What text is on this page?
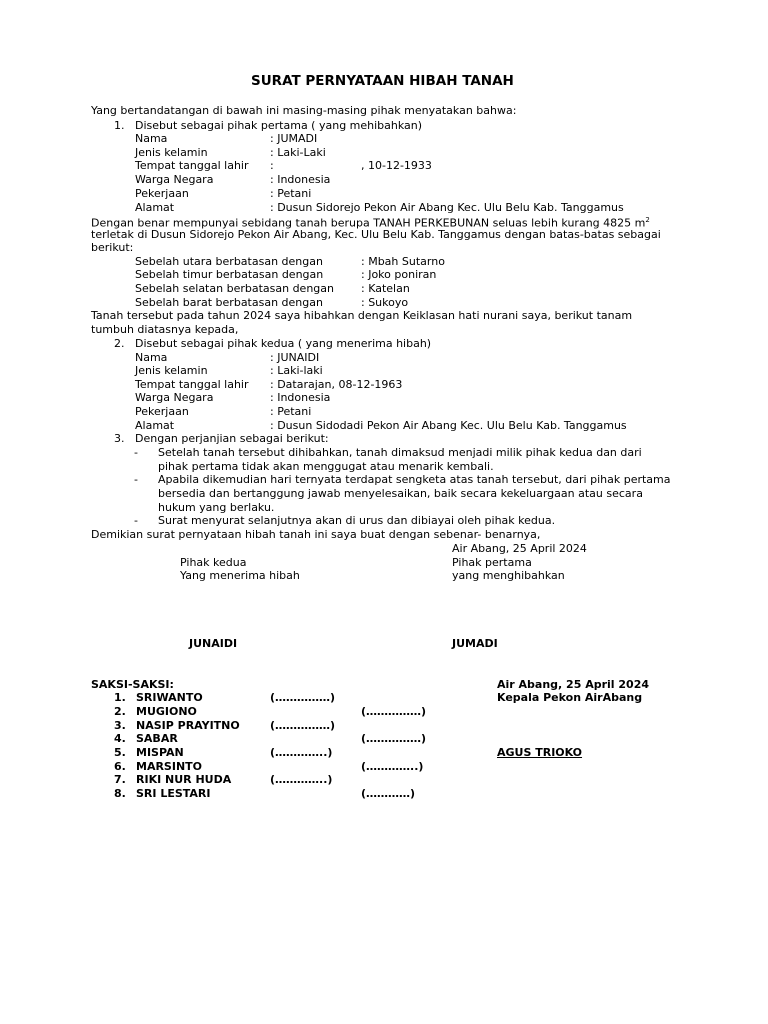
SURAT PERNYATAAN HIBAH TANAH
Yang bertandatangan di bawah ini masing-masing pihak menyatakan bahwa:
1. Disebut sebagai pihak pertama ( yang mehibahkan)
Nama	: JUMADI
Jenis kelamin	: Laki-Laki
Tempat tanggal lahir :	, 10-12-1933
Warga Negara	: Indonesia
Pekerjaan	: Petani
Alamat	: Dusun Sidorejo Pekon Air Abang Kec. Ulu Belu Kab. Tanggamus
Dengan benar mempunyai sebidang tanah berupa TANAH PERKEBUNAN seluas lebih kurang 4825 $m^2$
terletak di Dusun Sidorejo Pekon Air Abang, Kec. Ulu Belu Kab. Tanggamus dengan batas-batas sebagai
berikut:
Sebelah utara berbatasan dengan	: Mbah Sutarno
Sebelah timur berbatasan dengan	: Joko poniran
Sebelah selatan berbatasan dengan : Katelan
Sebelah barat berbatasan dengan	: Sukoyo
Tanah tersebut pada tahun 2024 saya hibahkan dengan Keiklasan hati nurani saya, berikut tanam
tumbuh diatasnya kepada,
2. Disebut sebagai pihak kedua ( yang menerima hibah)
Nama	: JUNAIDI
Jenis kelamin	: Laki-laki
Tempat tanggal lahir : Datarajan, 08-12-1963
Warga Negara	: Indonesia
Pekerjaan	: Petani
Alamat	: Dusun Sidodadi Pekon Air Abang Kec. Ulu Belu Kab. Tanggamus
3. Dengan perjanjian sebagai berikut:
- Setelah tanah tersebut dihibahkan, tanah dimaksud menjadi milik pihak kedua dan dari
pihak pertama tidak akan menggugat atau menarik kembali.
- Apabila dikemudian hari ternyata terdapat sengketa atas tanah tersebut, dari pihak pertama
bersedia dan bertanggung jawab menyelesaikan, baik secara kekeluargaan atau secara
hukum yang berlaku.
- Surat menyurat selanjutnya akan di urus dan dibiayai oleh pihak kedua.
Demikian surat pernyataan hibah tanah ini saya buat dengan sebenar- benarnya,
Air Abang, 25 April 2024
Pihak kedua	Pihak pertama
Yang menerima hibah	yang menghibahkan
JUNAIDI	JUMADI
SAKSI-SAKSI:
1. SRIWANTO	(……………)
2. MUGIONO	(……………)
3. NASIP PRAYITNO	(……………)
4. SABAR	(……………)
5. MISPAN	(…………..)
6. MARSINTO	(…………..)
7. RIKI NUR HUDA	(…………..)
8. SRI LESTARI	(…………)
Air Abang, 25 April 2024
Kepala Pekon AirAbang
AGUS TRIOKO
